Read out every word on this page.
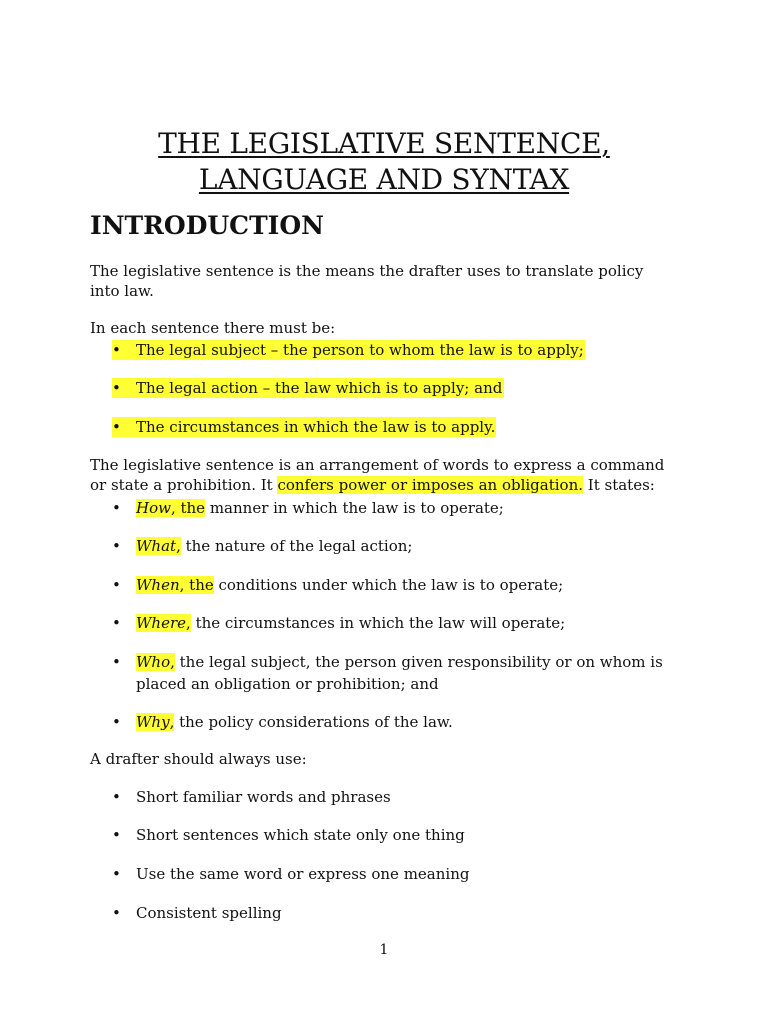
THE LEGISLATIVE SENTENCE,
LANGUAGE AND SYNTAX
INTRODUCTION
The legislative sentence is the means the drafter uses to translate policy
into law.
In each sentence there must be:
• The legal subject – the person to whom the law is to apply;
• The legal action – the law which is to apply; and
• The circumstances in which the law is to apply.
The legislative sentence is an arrangement of words to express a command
or state a prohibition. It confers power or imposes an obligation. It states:
• How, the manner in which the law is to operate;
• What, the nature of the legal action;
• When, the conditions under which the law is to operate;
• Where, the circumstances in which the law will operate;
• Who, the legal subject, the person given responsibility or on whom is
placed an obligation or prohibition; and
• Why, the policy considerations of the law.
A drafter should always use:
• Short familiar words and phrases
• Short sentences which state only one thing
• Use the same word or express one meaning
• Consistent spelling
1
